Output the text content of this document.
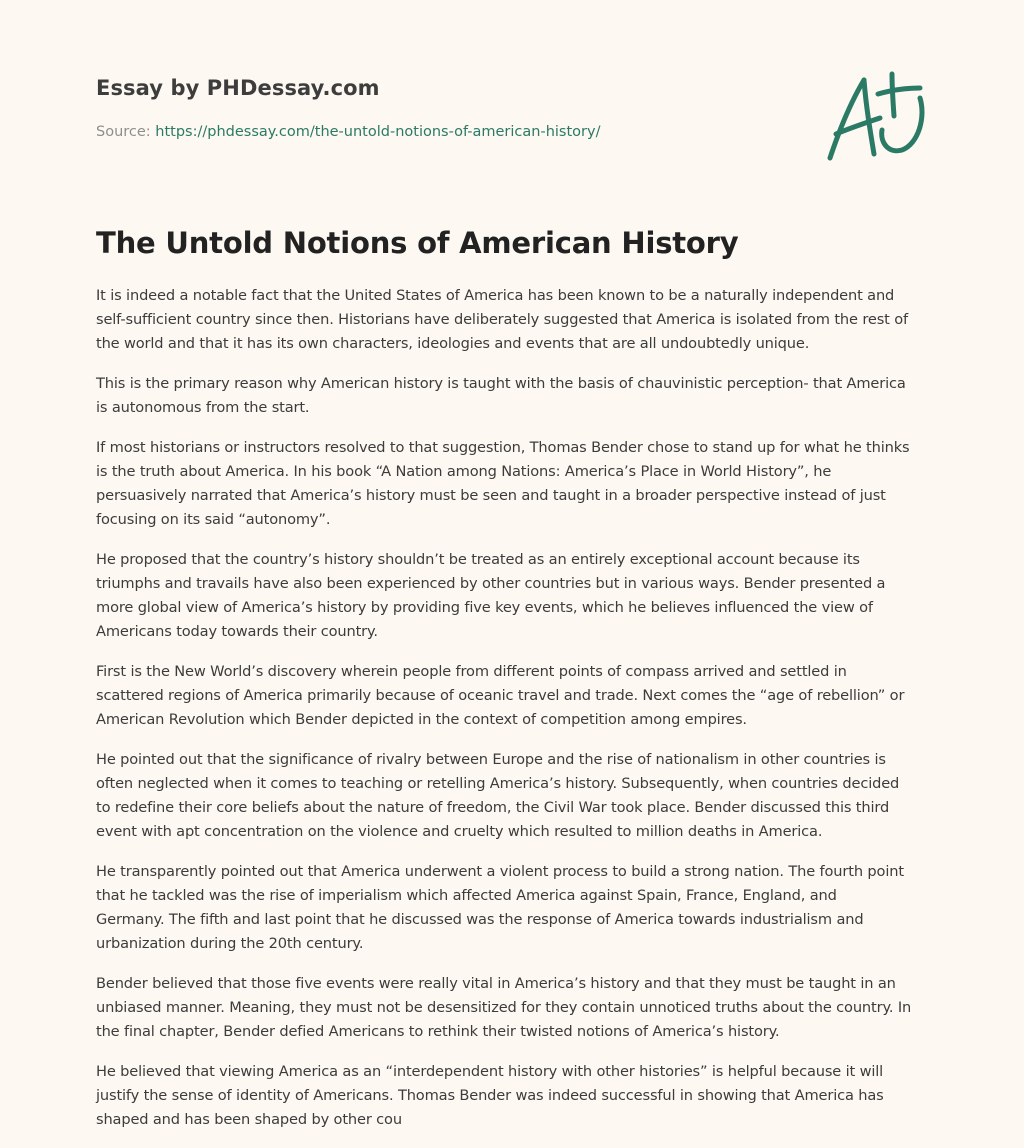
Essay by PHDessay.com
Source: https://phdessay.com/the-untold-notions-of-american-history/
The Untold Notions of American History

It is indeed a notable fact that the United States of America has been known to be a naturally independent and
self-sufficient country since then. Historians have deliberately suggested that America is isolated from the rest of
the world and that it has its own characters, ideologies and events that are all undoubtedly unique.

This is the primary reason why American history is taught with the basis of chauvinistic perception- that America
is autonomous from the start.

If most historians or instructors resolved to that suggestion, Thomas Bender chose to stand up for what he thinks
is the truth about America. In his book “A Nation among Nations: America’s Place in World History”, he
persuasively narrated that America’s history must be seen and taught in a broader perspective instead of just
focusing on its said “autonomy”.

He proposed that the country’s history shouldn’t be treated as an entirely exceptional account because its
triumphs and travails have also been experienced by other countries but in various ways. Bender presented a
more global view of America’s history by providing five key events, which he believes influenced the view of
Americans today towards their country.

First is the New World’s discovery wherein people from different points of compass arrived and settled in
scattered regions of America primarily because of oceanic travel and trade. Next comes the “age of rebellion” or
American Revolution which Bender depicted in the context of competition among empires.

He pointed out that the significance of rivalry between Europe and the rise of nationalism in other countries is
often neglected when it comes to teaching or retelling America’s history. Subsequently, when countries decided
to redefine their core beliefs about the nature of freedom, the Civil War took place. Bender discussed this third
event with apt concentration on the violence and cruelty which resulted to million deaths in America.

He transparently pointed out that America underwent a violent process to build a strong nation. The fourth point
that he tackled was the rise of imperialism which affected America against Spain, France, England, and
Germany. The fifth and last point that he discussed was the response of America towards industrialism and
urbanization during the 20th century.

Bender believed that those five events were really vital in America’s history and that they must be taught in an
unbiased manner. Meaning, they must not be desensitized for they contain unnoticed truths about the country. In
the final chapter, Bender defied Americans to rethink their twisted notions of America’s history.

He believed that viewing America as an “interdependent history with other histories” is helpful because it will
justify the sense of identity of Americans. Thomas Bender was indeed successful in showing that America has
shaped and has been shaped by other cou
